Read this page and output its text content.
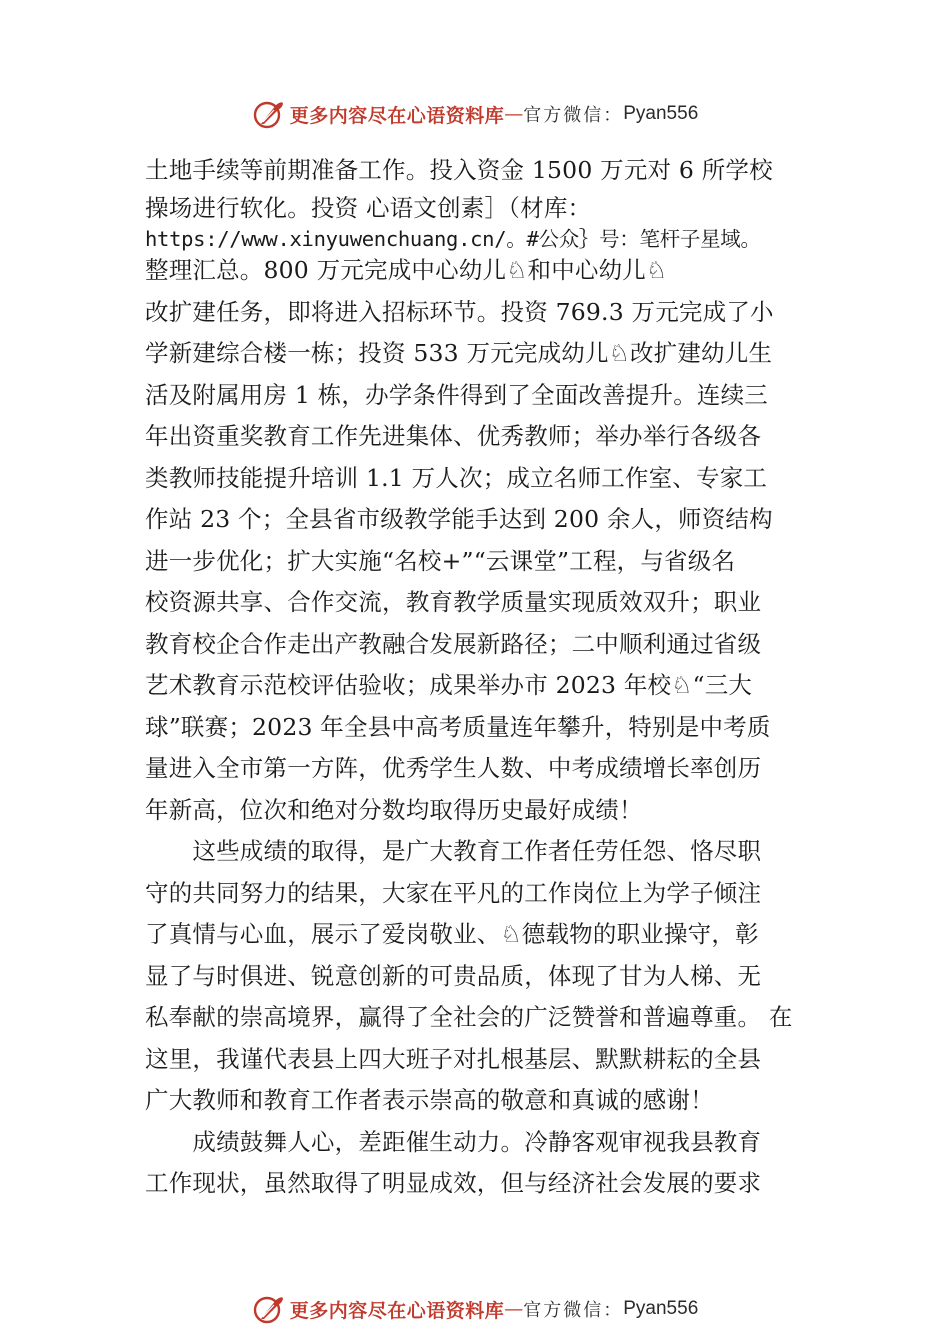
更多内容尽在心语资料库 — 官方微信： Pyan556
土地手续等前期准备工作。投入资金 1500 万元对 6 所学校
操场进行软化。投资 心语文创素］（材库：
https://www.xinyuwenchuang.cn/。#公众｝号：笔杆子星域。
整理汇总。800 万元完成中心幼儿♘和中心幼儿♘
改扩建任务，即将进入招标环节。投资 769.3 万元完成了小
学新建综合楼一栋；投资 533 万元完成幼儿♘改扩建幼儿生
活及附属用房 1 栋，办学条件得到了全面改善提升。连续三
年出资重奖教育工作先进集体、优秀教师；举办举行各级各
类教师技能提升培训 1.1 万人次；成立名师工作室、专家工
作站 23 个；全县省市级教学能手达到 200 余人，师资结构
进一步优化；扩大实施“名校+”“云课堂”工程，与省级名
校资源共享、合作交流，教育教学质量实现质效双升；职业
教育校企合作走出产教融合发展新路径；二中顺利通过省级
艺术教育示范校评估验收；成果举办市 2023 年校♘“三大
球”联赛；2023 年全县中高考质量连年攀升，特别是中考质
量进入全市第一方阵，优秀学生人数、中考成绩增长率创历
年新高，位次和绝对分数均取得历史最好成绩！
　　这些成绩的取得，是广大教育工作者任劳任怨、恪尽职
守的共同努力的结果，大家在平凡的工作岗位上为学子倾注
了真情与心血，展示了爱岗敬业、♘德载物的职业操守，彰
显了与时俱进、锐意创新的可贵品质，体现了甘为人梯、无
私奉献的崇高境界，赢得了全社会的广泛赞誉和普遍尊重。 在
这里，我谨代表县上四大班子对扎根基层、默默耕耘的全县
广大教师和教育工作者表示崇高的敬意和真诚的感谢！
　　成绩鼓舞人心，差距催生动力。冷静客观审视我县教育
工作现状，虽然取得了明显成效，但与经济社会发展的要求
更多内容尽在心语资料库 — 官方微信： Pyan556
